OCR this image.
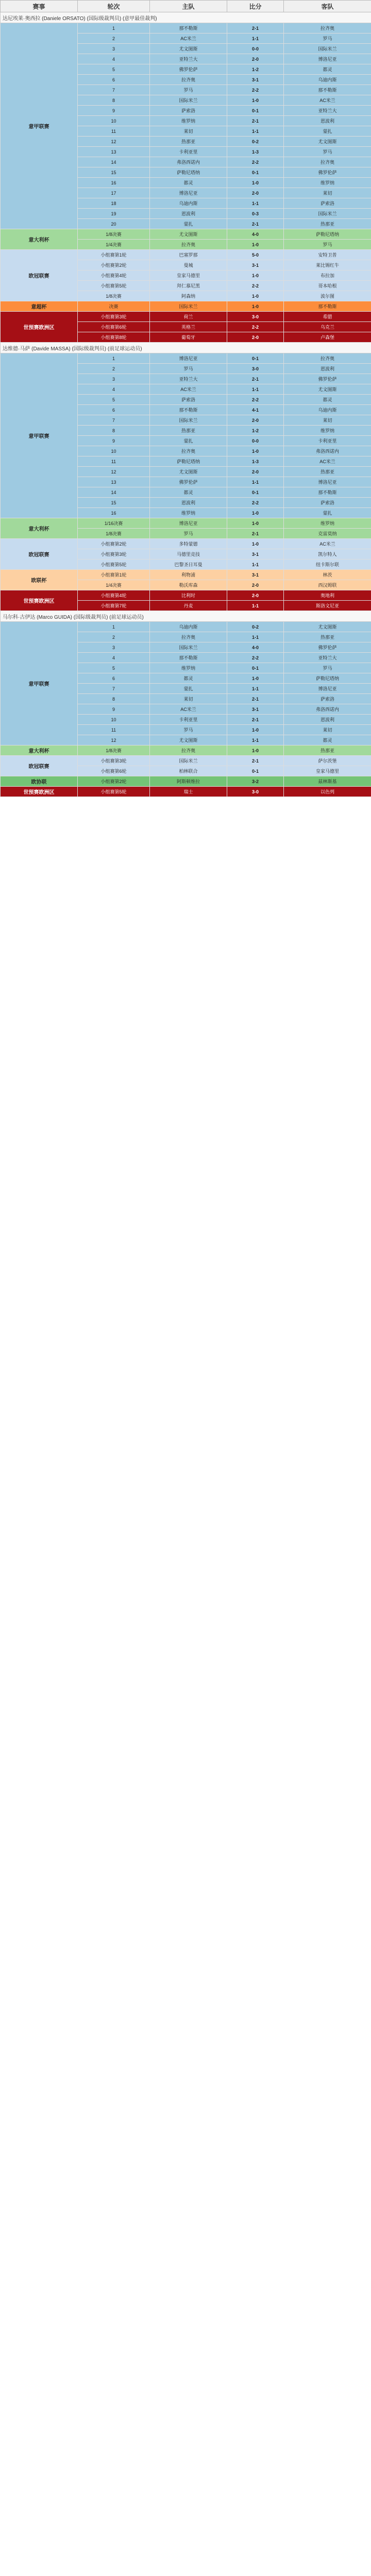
赛事	轮次	主队	比分	客队
达尼埃莱·奥西拉 (Daniele ORSATO) (国际级裁判员) (意甲最佳裁判)				
意甲联赛	1	那不勒斯	2-1	拉齐奥
	2	AC米兰	1-1	罗马
	3	尤文图斯	0-0	国际米兰
	4	亚特兰大	2-0	博洛尼亚
	5	佛罗伦萨	1-2	都灵
	6	拉齐奥	3-1	乌迪内斯
	7	罗马	2-2	那不勒斯
	8	国际米兰	1-0	AC米兰
	9	萨索洛	0-1	亚特兰大
	10	维罗纳	2-1	恩波利
	11	莱切	1-1	蒙扎
	12	热那亚	0-2	尤文图斯
	13	卡利亚里	1-3	罗马
	14	弗洛西诺内	2-2	拉齐奥
	15	萨勒尼塔纳	0-1	佛罗伦萨
	16	都灵	1-0	维罗纳
	17	博洛尼亚	2-0	莱切
	18	乌迪内斯	1-1	萨索洛
	19	恩波利	0-3	国际米兰
	20	蒙扎	2-1	热那亚
意大利杯	1/8决赛	尤文图斯	4-0	萨勒尼塔纳
	1/4决赛	拉齐奥	1-0	罗马
欧冠联赛	小组赛第1轮	巴塞罗那	5-0	安特卫普
	小组赛第2轮	曼城	3-1	莱比锡红牛
	小组赛第4轮	皇家马德里	1-0	布拉加
	小组赛第5轮	拜仁慕尼黑	2-2	哥本哈根
	1/8决赛	阿森纳	1-0	波尔图
意超杯	决赛	国际米兰	1-0	那不勒斯
世预赛欧洲区	小组赛第3轮	荷兰	3-0	希腊
	小组赛第6轮	英格兰	2-2	乌克兰
	小组赛第8轮	葡萄牙	2-0	卢森堡
达维德·马萨 (Davide MASSA) (国际级裁判员) (前足球运动员)				
意甲联赛	1	博洛尼亚	0-1	拉齐奥
	2	罗马	3-0	恩波利
	3	亚特兰大	2-1	佛罗伦萨
	4	AC米兰	1-1	尤文图斯
	5	萨索洛	2-2	都灵
	6	那不勒斯	4-1	乌迪内斯
	7	国际米兰	2-0	莱切
	8	热那亚	1-2	维罗纳
	9	蒙扎	0-0	卡利亚里
	10	拉齐奥	1-0	弗洛西诺内
	11	萨勒尼塔纳	1-3	AC米兰
	12	尤文图斯	2-0	热那亚
	13	佛罗伦萨	1-1	博洛尼亚
	14	都灵	0-1	那不勒斯
	15	恩波利	2-2	萨索洛
	16	维罗纳	1-0	蒙扎
意大利杯	1/16决赛	博洛尼亚	1-0	维罗纳
	1/8决赛	罗马	2-1	克雷莫纳
欧冠联赛	小组赛第2轮	多特蒙德	1-0	AC米兰
	小组赛第3轮	马德里竞技	3-1	凯尔特人
	小组赛第5轮	巴黎圣日耳曼	1-1	纽卡斯尔联
欧联杯	小组赛第1轮	利物浦	3-1	林茨
	1/4决赛	勒沃库森	2-0	西汉姆联
世预赛欧洲区	小组赛第4轮	比利时	2-0	奥地利
	小组赛第7轮	丹麦	1-1	斯洛文尼亚
马尔科·古伊达 (Marco GUIDA) (国际级裁判员) (前足球运动员)				
意甲联赛	1	乌迪内斯	0-2	尤文图斯
	2	拉齐奥	1-1	热那亚
	3	国际米兰	4-0	佛罗伦萨
	4	那不勒斯	2-2	亚特兰大
	5	维罗纳	0-1	罗马
	6	都灵	1-0	萨勒尼塔纳
	7	蒙扎	1-1	博洛尼亚
	8	莱切	2-1	萨索洛
	9	AC米兰	3-1	弗洛西诺内
	10	卡利亚里	2-1	恩波利
	11	罗马	1-0	莱切
	12	尤文图斯	1-1	都灵
意大利杯	1/8决赛	拉齐奥	1-0	热那亚
欧冠联赛	小组赛第3轮	国际米兰	2-1	萨尔茨堡
	小组赛第6轮	柏林联合	0-1	皇家马德里
欧协联	小组赛第2轮	阿斯顿维拉	3-2	兹林斯基
世预赛欧洲区	小组赛第5轮	瑞士	3-0	以色列
